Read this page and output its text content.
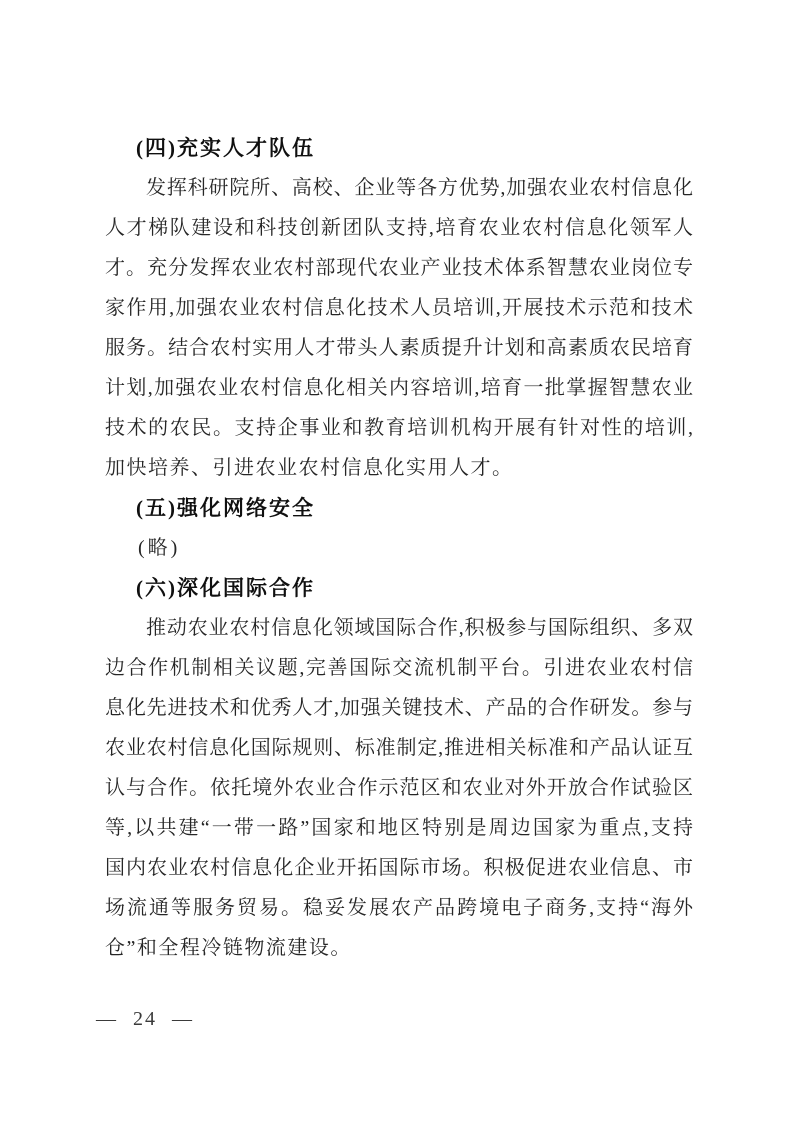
(四)充实人才队伍

发挥科研院所、高校、企业等各方优势,加强农业农村信息化

人才梯队建设和科技创新团队支持,培育农业农村信息化领军人

才。充分发挥农业农村部现代农业产业技术体系智慧农业岗位专

家作用,加强农业农村信息化技术人员培训,开展技术示范和技术

服务。结合农村实用人才带头人素质提升计划和高素质农民培育

计划,加强农业农村信息化相关内容培训,培育一批掌握智慧农业

技术的农民。支持企事业和教育培训机构开展有针对性的培训,

加快培养、引进农业农村信息化实用人才。

(五)强化网络安全

(略)

(六)深化国际合作

推动农业农村信息化领域国际合作,积极参与国际组织、多双

边合作机制相关议题,完善国际交流机制平台。引进农业农村信

息化先进技术和优秀人才,加强关键技术、产品的合作研发。参与

农业农村信息化国际规则、标准制定,推进相关标准和产品认证互

认与合作。依托境外农业合作示范区和农业对外开放合作试验区

等,以共建“一带一路”国家和地区特别是周边国家为重点,支持

国内农业农村信息化企业开拓国际市场。积极促进农业信息、市

场流通等服务贸易。稳妥发展农产品跨境电子商务,支持“海外

仓”和全程冷链物流建设。

— 24 —
